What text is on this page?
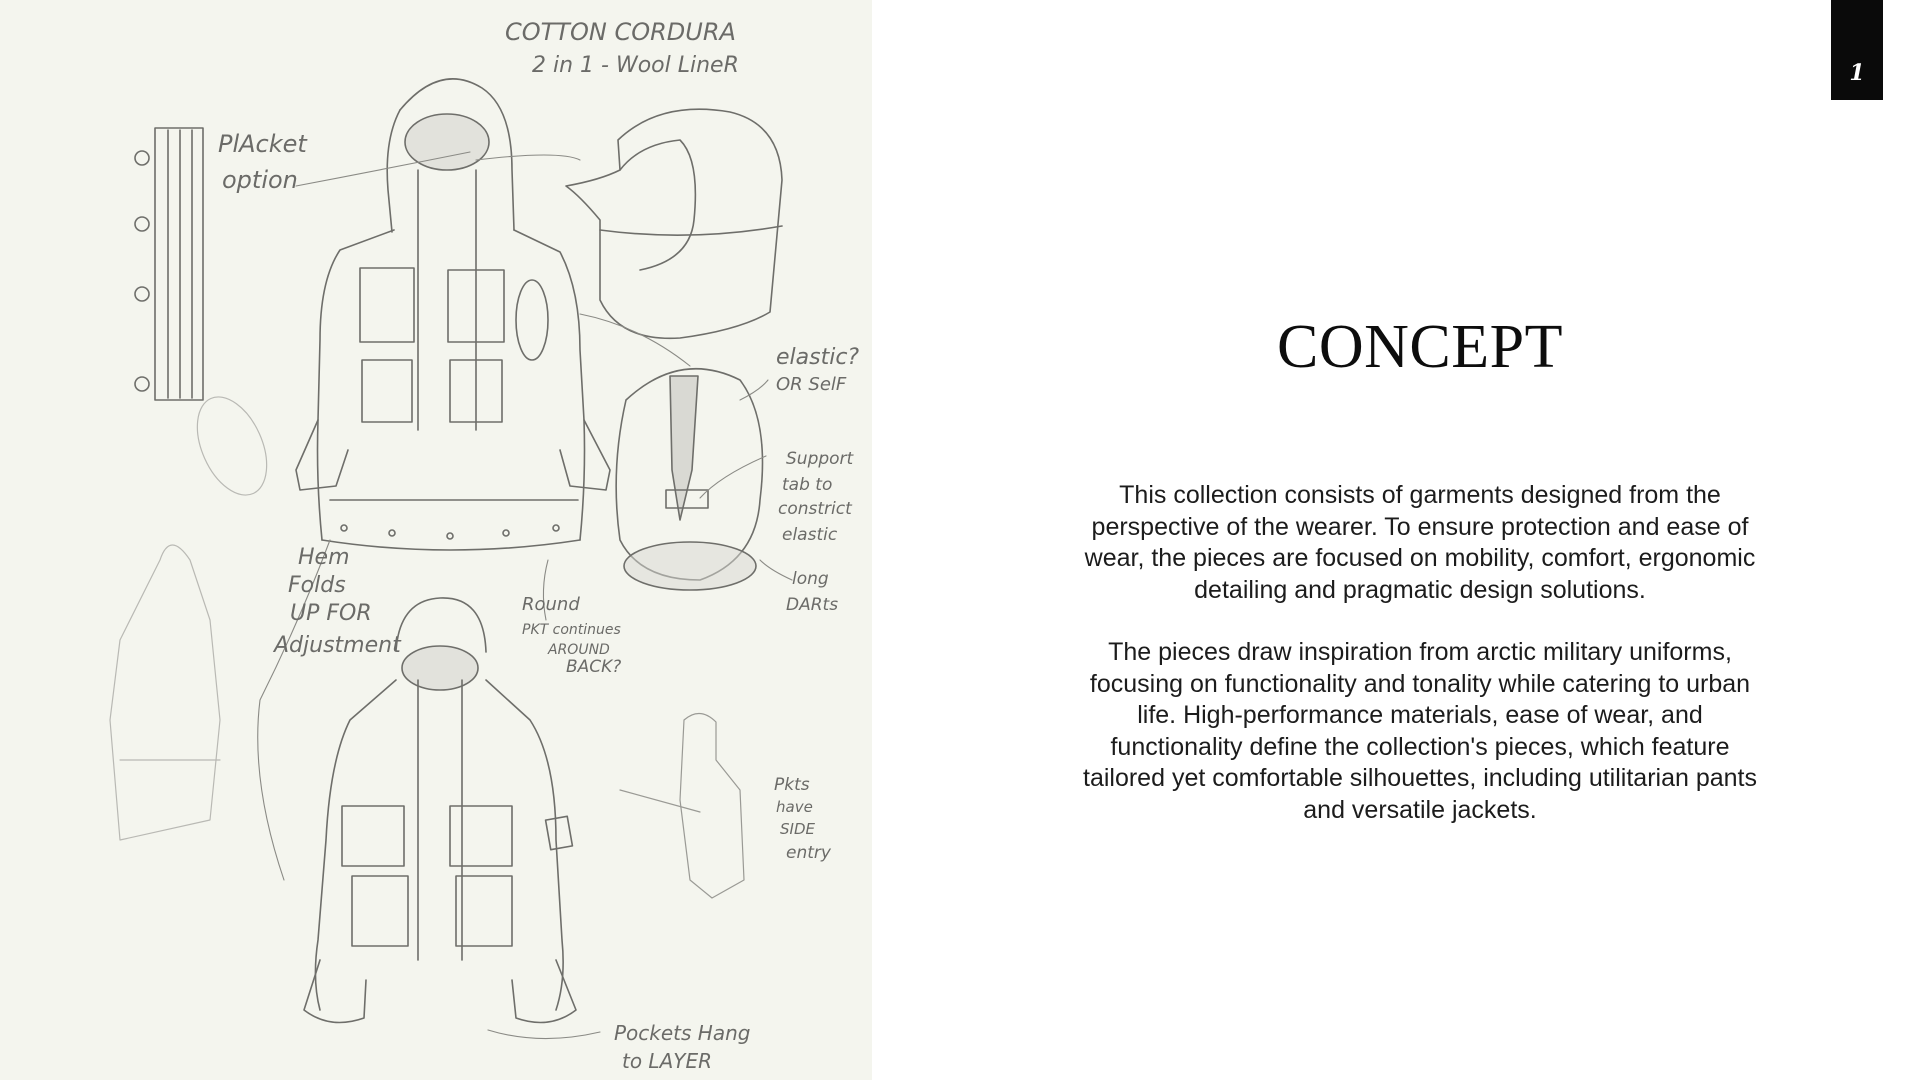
COTTON CORDURA
2 in 1 - Wool LineR
PlAcket
option
elastic?
OR SelF
Support
tab to
constrict
elastic
long
DARts
Hem
Folds
UP FOR
Adjustment
Round
PKT continues
AROUND
BACK?
Pkts
have
SIDE
entry
Pockets Hang
to LAYER
1
CONCEPT

This collection consists of garments designed from the perspective of the wearer. To ensure protection and ease of wear, the pieces are focused on mobility, comfort, ergonomic detailing and pragmatic design solutions.

The pieces draw inspiration from arctic military uniforms, focusing on functionality and tonality while catering to urban life. High-performance materials, ease of wear, and functionality define the collection's pieces, which feature tailored yet comfortable silhouettes, including utilitarian pants and versatile jackets.
